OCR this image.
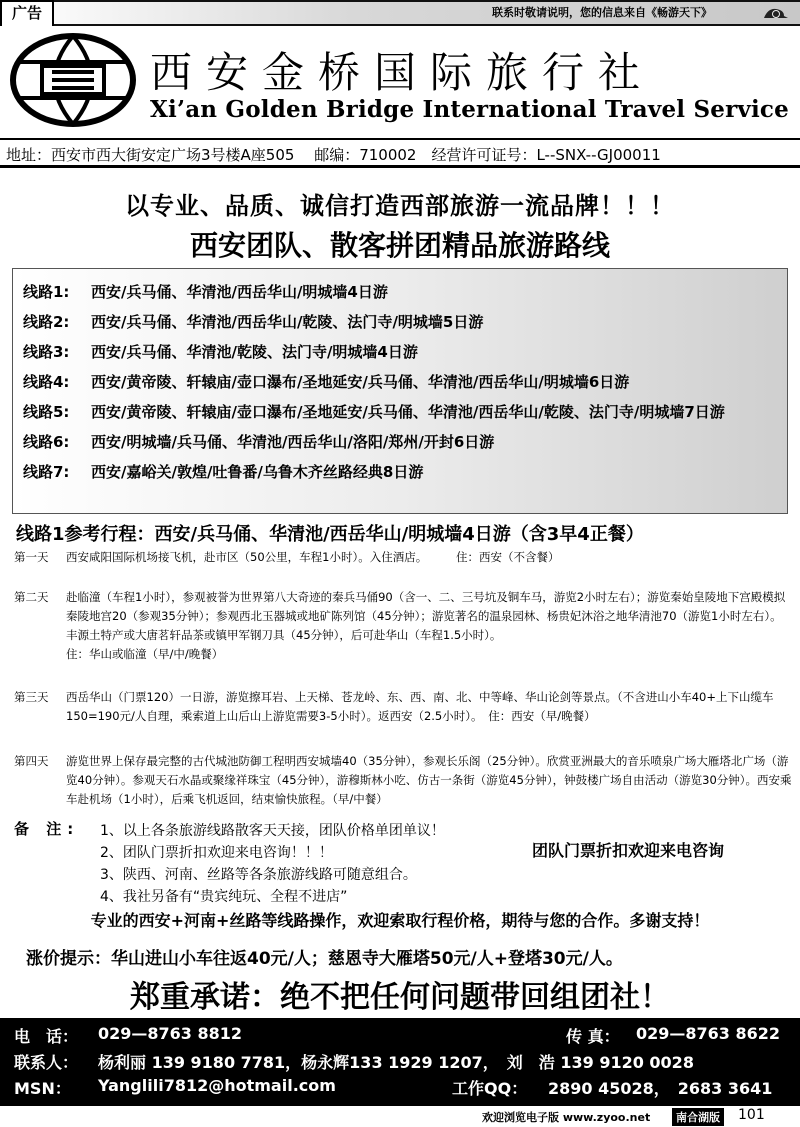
广告	联系时敬请说明，您的信息来自《畅游天下》
西安金桥国际旅行社
Xi’an Golden Bridge International Travel Service
地址：西安市西大街安定广场3号楼A座505　 邮编：710002　经营许可证号：L--SNX--GJ00011
以专业、品质、诚信打造西部旅游一流品牌！！！
西安团队、散客拼团精品旅游路线
线路1:	西安/兵马俑、华清池/西岳华山/明城墙4日游
线路2:	西安/兵马俑、华清池/西岳华山/乾陵、法门寺/明城墙5日游
线路3:	西安/兵马俑、华清池/乾陵、法门寺/明城墙4日游
线路4:	西安/黄帝陵、轩辕庙/壶口瀑布/圣地延安/兵马俑、华清池/西岳华山/明城墙6日游
线路5:	西安/黄帝陵、轩辕庙/壶口瀑布/圣地延安/兵马俑、华清池/西岳华山/乾陵、法门寺/明城墙7日游
线路6:	西安/明城墙/兵马俑、华清池/西岳华山/洛阳/郑州/开封6日游
线路7:	西安/嘉峪关/敦煌/吐鲁番/乌鲁木齐丝路经典8日游
线路1参考行程：西安/兵马俑、华清池/西岳华山/明城墙4日游（含3早4正餐）
第一天	西安咸阳国际机场接飞机，赴市区（50公里，车程1小时）。入住酒店。　　　住：西安（不含餐）
第二天	赴临潼（车程1小时），参观被誉为世界第八大奇迹的秦兵马俑90（含一、二、三号坑及铜车马，游览2小时左右）；游览秦始皇陵地下宫殿模拟秦陵地宫20（参观35分钟）；参观西北玉器城或地矿陈列馆（45分钟）；游览著名的温泉园林、杨贵妃沐浴之地华清池70（游览1小时左右）。丰源土特产或大唐茗轩品茶或镇甲军钢刀具（45分钟），后可赴华山（车程1.5小时）。　　　　　　　　　　　　　　　　　　　　　　　　　　住：华山或临潼（早/中/晚餐）
第三天	西岳华山（门票120）一日游，游览擦耳岩、上天梯、苍龙岭、东、西、南、北、中等峰、华山论剑等景点。（不含进山小车40+上下山缆车150=190元/人自理，乘索道上山后山上游览需要3-5小时）。返西安（2.5小时）。　住：西安（早/晚餐）
第四天	游览世界上保存最完整的古代城池防御工程明西安城墙40（35分钟），参观长乐阁（25分钟）。欣赏亚洲最大的音乐喷泉广场大雁塔北广场（游览40分钟）。参观天石水晶或聚缘祥珠宝（45分钟），游穆斯林小吃、仿古一条街（游览45分钟），钟鼓楼广场自由活动（游览30分钟）。西安乘车赴机场（1小时），后乘飞机返回，结束愉快旅程。（早/中餐）
备 注: 1、以上各条旅游线路散客天天接，团队价格单团单议！
2、团队门票折扣欢迎来电咨询！！！
3、陕西、河南、丝路等各条旅游线路可随意组合。
4、我社另备有“贵宾纯玩、全程不进店”
团队门票折扣欢迎来电咨询
专业的西安+河南+丝路等线路操作，欢迎索取行程价格，期待与您的合作。多谢支持！
涨价提示：华山进山小车往返40元/人；慈恩寺大雁塔50元/人+登塔30元/人。
郑重承诺：绝不把任何问题带回组团社！
电　话： 029—8763 8812	传 真： 029—8763 8622
联系人： 杨利丽 139 9180 7781，杨永辉133 1929 1207，　刘　浩 139 9120 0028
MSN： Yanglili7812@hotmail.com	工作QQ： 2890 45028，　2683 3641
欢迎浏览电子版 www.zyoo.net	南合湖版 101
